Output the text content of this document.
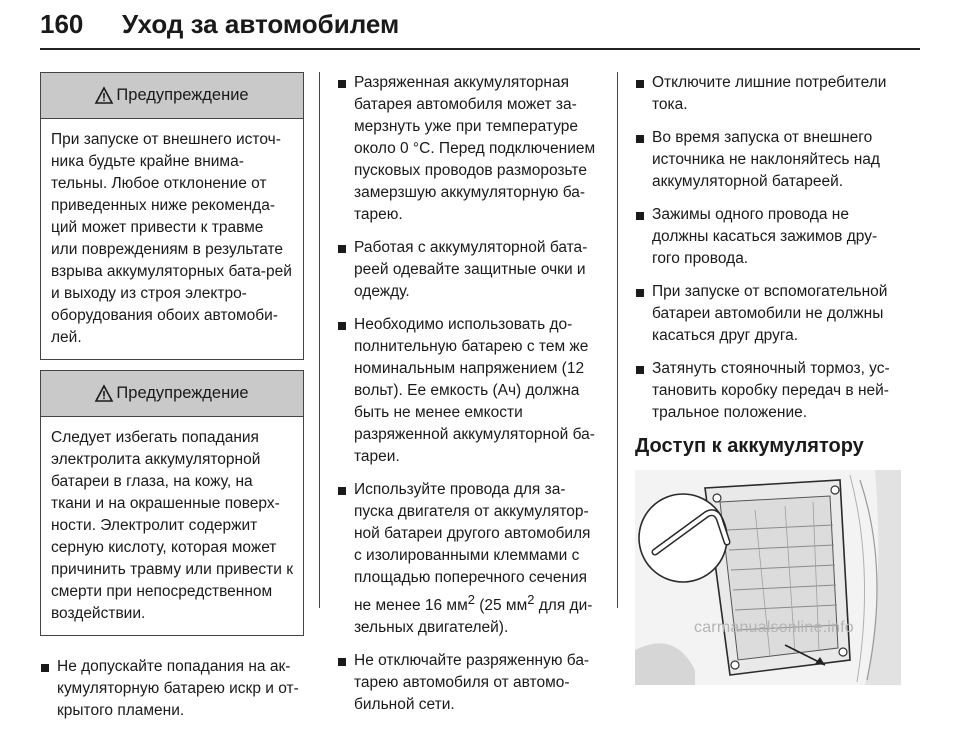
160 Уход за автомобилем
Предупреждение
При запуске от внешнего источ-ника будьте крайне внима-тельны. Любое отклонение от приведенных ниже рекоменда-ций может привести к травме или повреждениям в результате взрыва аккумуляторных бата-рей и выходу из строя электро-оборудования обоих автомоби-лей.
Предупреждение
Следует избегать попадания электролита аккумуляторной батареи в глаза, на кожу, на ткани и на окрашенные поверх-ности. Электролит содержит серную кислоту, которая может причинить травму или привести к смерти при непосредственном воздействии.
Не допускайте попадания на ак-кумуляторную батарею искр и от-крытого пламени.
Разряженная аккумуляторная батарея автомобиля может за-мерзнуть уже при температуре около 0 °C. Перед подключением пусковых проводов разморозьте замерзшую аккумуляторную ба-тарею.
Работая с аккумуляторной бата-реей одевайте защитные очки и одежду.
Необходимо использовать до-полнительную батарею с тем же номинальным напряжением (12 вольт). Ее емкость (Ач) должна быть не менее емкости разряженной аккумуляторной ба-тареи.
Используйте провода для за-пуска двигателя от аккумулятор-ной батареи другого автомобиля с изолированными клеммами с площадью поперечного сечения не менее 16 $мм^2$ (25 $мм^2$ для ди-зельных двигателей).
Не отключайте разряженную ба-тарею автомобиля от автомо-бильной сети.
Отключите лишние потребители тока.
Во время запуска от внешнего источника не наклоняйтесь над аккумуляторной батареей.
Зажимы одного провода не должны касаться зажимов дру-гого провода.
При запуске от вспомогательной батареи автомобили не должны касаться друг друга.
Затянуть стояночный тормоз, ус-тановить коробку передач в ней-тральное положение.
Доступ к аккумулятору
carmanualsonline.info
